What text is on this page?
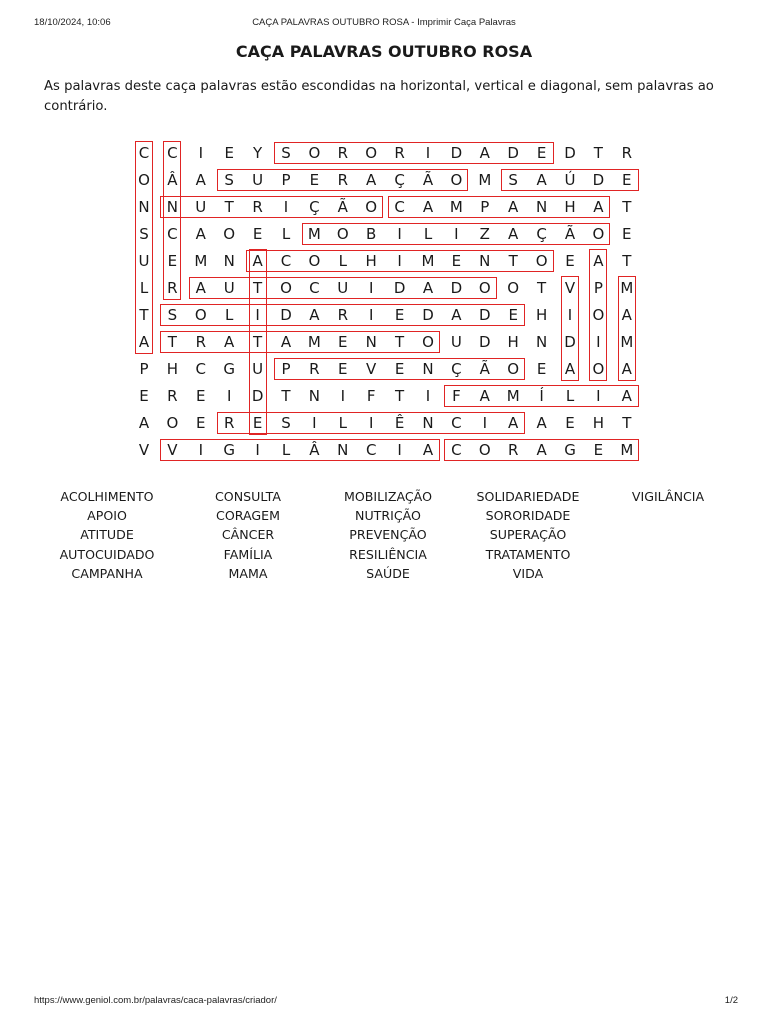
18/10/2024, 10:06	CAÇA PALAVRAS OUTUBRO ROSA - Imprimir Caça Palavras
CAÇA PALAVRAS OUTUBRO ROSA

As palavras deste caça palavras estão escondidas na horizontal, vertical e diagonal, sem palavras ao contrário.

C	C	I	E	Y	S	O	R	O	R	I	D	A	D	E	D	T	R
O	Â	A	S	U	P	E	R	A	Ç	Ã	O	M	S	A	Ú	D	E
N	N	U	T	R	I	Ç	Ã	O	C	A	M	P	A	N	H	A	T
S	C	A	O	E	L	M	O	B	I	L	I	Z	A	Ç	Ã	O	E
U	E	M	N	A	C	O	L	H	I	M	E	N	T	O	E	A	T
L	R	A	U	T	O	C	U	I	D	A	D	O	O	T	V	P	M
T	S	O	L	I	D	A	R	I	E	D	A	D	E	H	I	O	A
A	T	R	A	T	A	M	E	N	T	O	U	D	H	N	D	I	M
P	H	C	G	U	P	R	E	V	E	N	Ç	Ã	O	E	A	O	A
E	R	E	I	D	T	N	I	F	T	I	F	A	M	Í	L	I	A
A	O	E	R	E	S	I	L	I	Ê	N	C	I	A	A	E	H	T
V	V	I	G	I	L	Â	N	C	I	A	C	O	R	A	G	E	M
ACOLHIMENTO
APOIO
ATITUDE
AUTOCUIDADO
CAMPANHA
CONSULTA
CORAGEM
CÂNCER
FAMÍLIA
MAMA
MOBILIZAÇÃO
NUTRIÇÃO
PREVENÇÃO
RESILIÊNCIA
SAÚDE
SOLIDARIEDADE
SORORIDADE
SUPERAÇÃO
TRATAMENTO
VIDA
VIGILÂNCIA
https://www.geniol.com.br/palavras/caca-palavras/criador/	1/2
